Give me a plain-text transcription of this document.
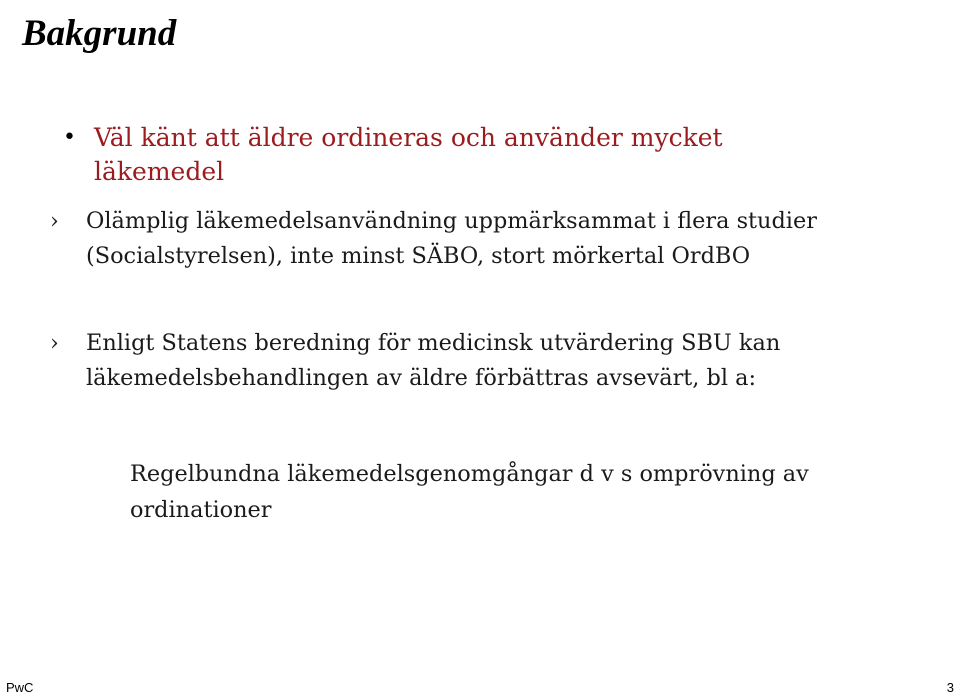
Bakgrund
• Väl känt att äldre ordineras och använder mycket läkemedel
›	Olämplig läkemedelsanvändning uppmärksammat i flera studier (Socialstyrelsen), inte minst SÄBO, stort mörkertal OrdBO
›	Enligt Statens beredning för medicinsk utvärdering SBU kan läkemedelsbehandlingen av äldre förbättras avsevärt, bl a:
Regelbundna läkemedelsgenomgångar d v s omprövning av ordinationer
PwC	3
